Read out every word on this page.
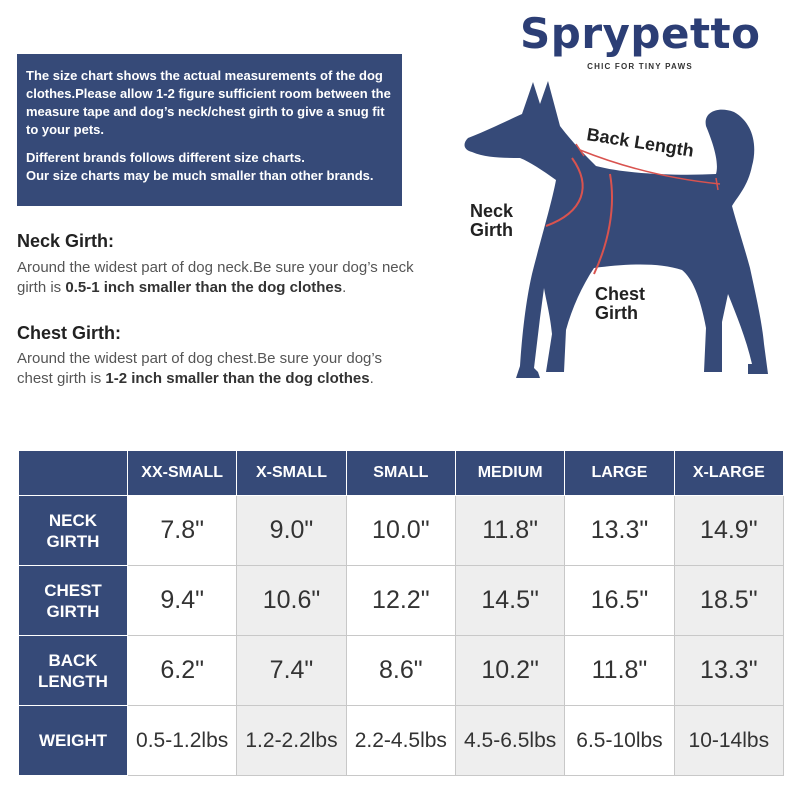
Sprypetto
CHIC FOR TINY PAWS

The size chart shows the actual measurements of the dog clothes.Please allow 1-2 figure sufficient room between the measure tape and dog’s neck/chest girth to give a snug fit to your pets.

Different brands follows different size charts.
Our size charts may be much smaller than other brands.

Neck Girth:
Around the widest part of dog neck.Be sure your dog’s neck girth is 0.5-1 inch smaller than the dog clothes.
Chest Girth:
Around the widest part of dog chest.Be sure your dog’s chest girth is 1-2 inch smaller than the dog clothes.
Back Length
Neck
Girth
Chest
Girth
	XX-SMALL	X-SMALL	SMALL	MEDIUM	LARGE	X-LARGE
NECK
GIRTH	7.8"	9.0"	10.0"	11.8"	13.3"	14.9"
CHEST
GIRTH	9.4"	10.6"	12.2"	14.5"	16.5"	18.5"
BACK
LENGTH	6.2"	7.4"	8.6"	10.2"	11.8"	13.3"
WEIGHT	0.5-1.2lbs	1.2-2.2lbs	2.2-4.5lbs	4.5-6.5lbs	6.5-10lbs	10-14lbs
